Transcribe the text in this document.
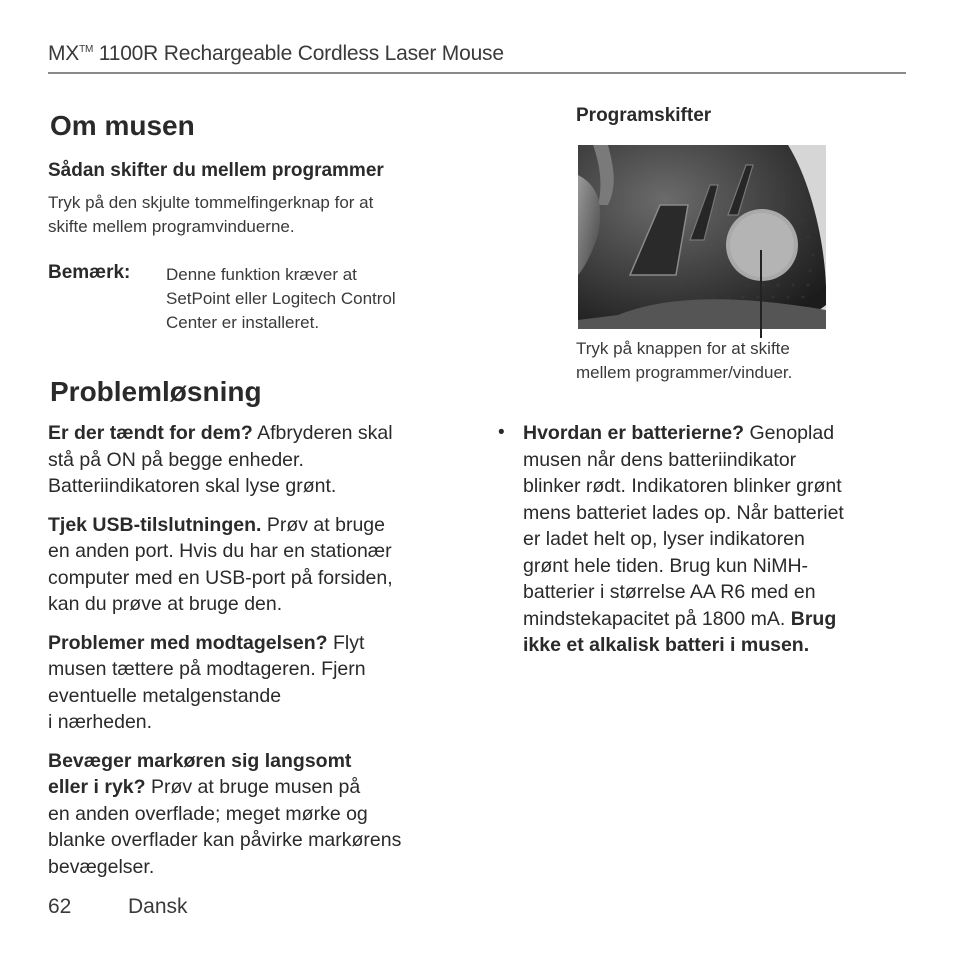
MX™ 1100R Rechargeable Cordless Laser Mouse
Om musen
Sådan skifter du mellem programmer
Tryk på den skjulte tommelfingerknap for at
skifte mellem programvinduerne.
Bemærk: Denne funktion kræver at
SetPoint eller Logitech Control
Center er installeret.
Programskifter
Tryk på knappen for at skifte
mellem programmer/vinduer.
Problemløsning
Er der tændt for dem? Afbryderen skal
stå på ON på begge enheder.
Batteriindikatoren skal lyse grønt.
Tjek USB-tilslutningen. Prøv at bruge
en anden port. Hvis du har en stationær
computer med en USB-port på forsiden,
kan du prøve at bruge den.
Problemer med modtagelsen? Flyt
musen tættere på modtageren. Fjern
eventuelle metalgenstande
i nærheden.
Bevæger markøren sig langsomt
eller i ryk? Prøv at bruge musen på
en anden overflade; meget mørke og
blanke overflader kan påvirke markørens
bevægelser.
• Hvordan er batterierne? Genoplad
musen når dens batteriindikator
blinker rødt. Indikatoren blinker grønt
mens batteriet lades op. Når batteriet
er ladet helt op, lyser indikatoren
grønt hele tiden. Brug kun NiMH-
batterier i størrelse AA R6 med en
mindstekapacitet på 1800 mA. Brug
ikke et alkalisk batteri i musen.
62	Dansk
